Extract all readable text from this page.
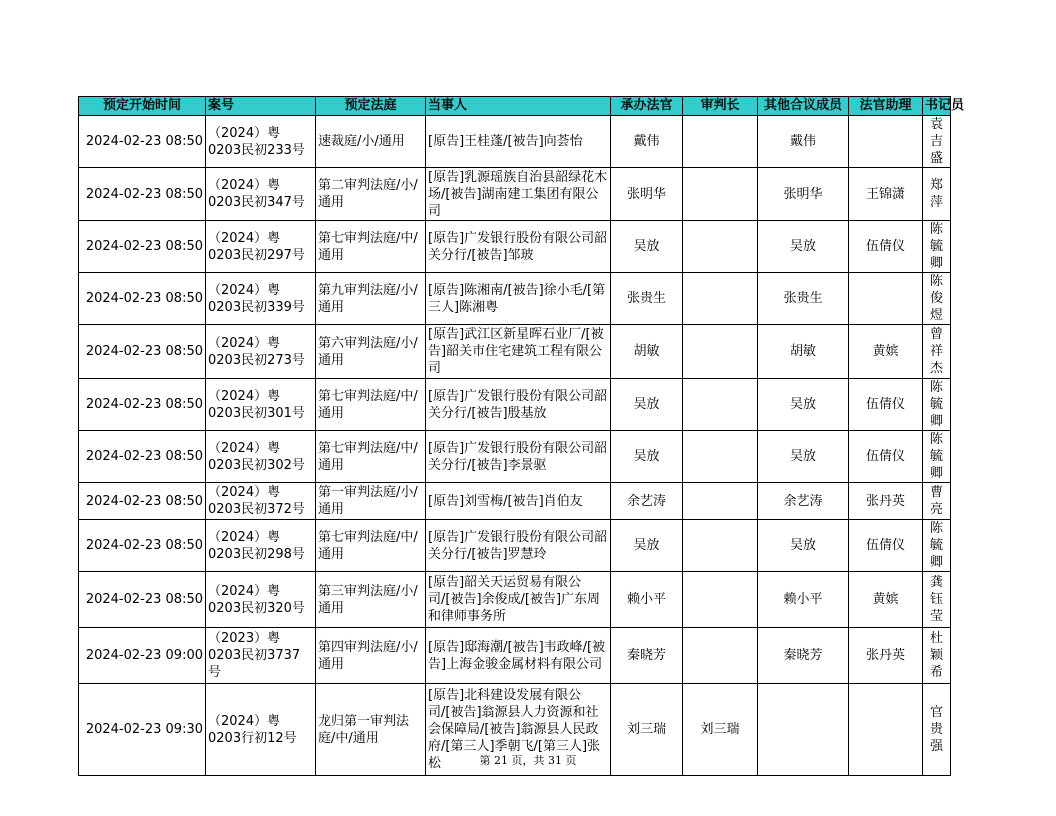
预定开始时间	案号	预定法庭	当事人	承办法官	审判长	其他合议成员	法官助理	书记员
2024-02-23 08:50	（2024）粤0203民初233号	速裁庭/小/通用	[原告]王桂蓬/[被告]向荟怡	戴伟		戴伟		袁吉盛
2024-02-23 08:50	（2024）粤0203民初347号	第二审判法庭/小/通用	[原告]乳源瑶族自治县韶绿花木场/[被告]湖南建工集团有限公司	张明华		张明华	王锦潇	郑萍
2024-02-23 08:50	（2024）粤0203民初297号	第七审判法庭/中/通用	[原告]广发银行股份有限公司韶关分行/[被告]邹玻	吴放		吴放	伍倩仪	陈毓卿
2024-02-23 08:50	（2024）粤0203民初339号	第九审判法庭/小/通用	[原告]陈湘南/[被告]徐小毛/[第三人]陈湘粤	张贵生		张贵生		陈俊煜
2024-02-23 08:50	（2024）粤0203民初273号	第六审判法庭/小/通用	[原告]武江区新星晖石业厂/[被告]韶关市住宅建筑工程有限公司	胡敏		胡敏	黄嫔	曾祥杰
2024-02-23 08:50	（2024）粤0203民初301号	第七审判法庭/中/通用	[原告]广发银行股份有限公司韶关分行/[被告]殷基放	吴放		吴放	伍倩仪	陈毓卿
2024-02-23 08:50	（2024）粤0203民初302号	第七审判法庭/中/通用	[原告]广发银行股份有限公司韶关分行/[被告]李景驱	吴放		吴放	伍倩仪	陈毓卿
2024-02-23 08:50	（2024）粤0203民初372号	第一审判法庭/小/通用	[原告]刘雪梅/[被告]肖伯友	余艺涛		余艺涛	张丹英	曹亮
2024-02-23 08:50	（2024）粤0203民初298号	第七审判法庭/中/通用	[原告]广发银行股份有限公司韶关分行/[被告]罗慧玲	吴放		吴放	伍倩仪	陈毓卿
2024-02-23 08:50	（2024）粤0203民初320号	第三审判法庭/小/通用	[原告]韶关天运贸易有限公司/[被告]余俊成/[被告]广东周和律师事务所	赖小平		赖小平	黄嫔	龚钰莹
2024-02-23 09:00	（2023）粤0203民初3737号	第四审判法庭/小/通用	[原告]邸海潮/[被告]韦政峰/[被告]上海金骏金属材料有限公司	秦晓芳		秦晓芳	张丹英	杜颖希
2024-02-23 09:30	（2024）粤0203行初12号	龙归第一审判法庭/中/通用	[原告]北科建设发展有限公司/[被告]翁源县人力资源和社会保障局/[被告]翁源县人民政府/[第三人]季朝飞/[第三人]张松	刘三瑞	刘三瑞			官贵强
第 21 页，共 31 页
